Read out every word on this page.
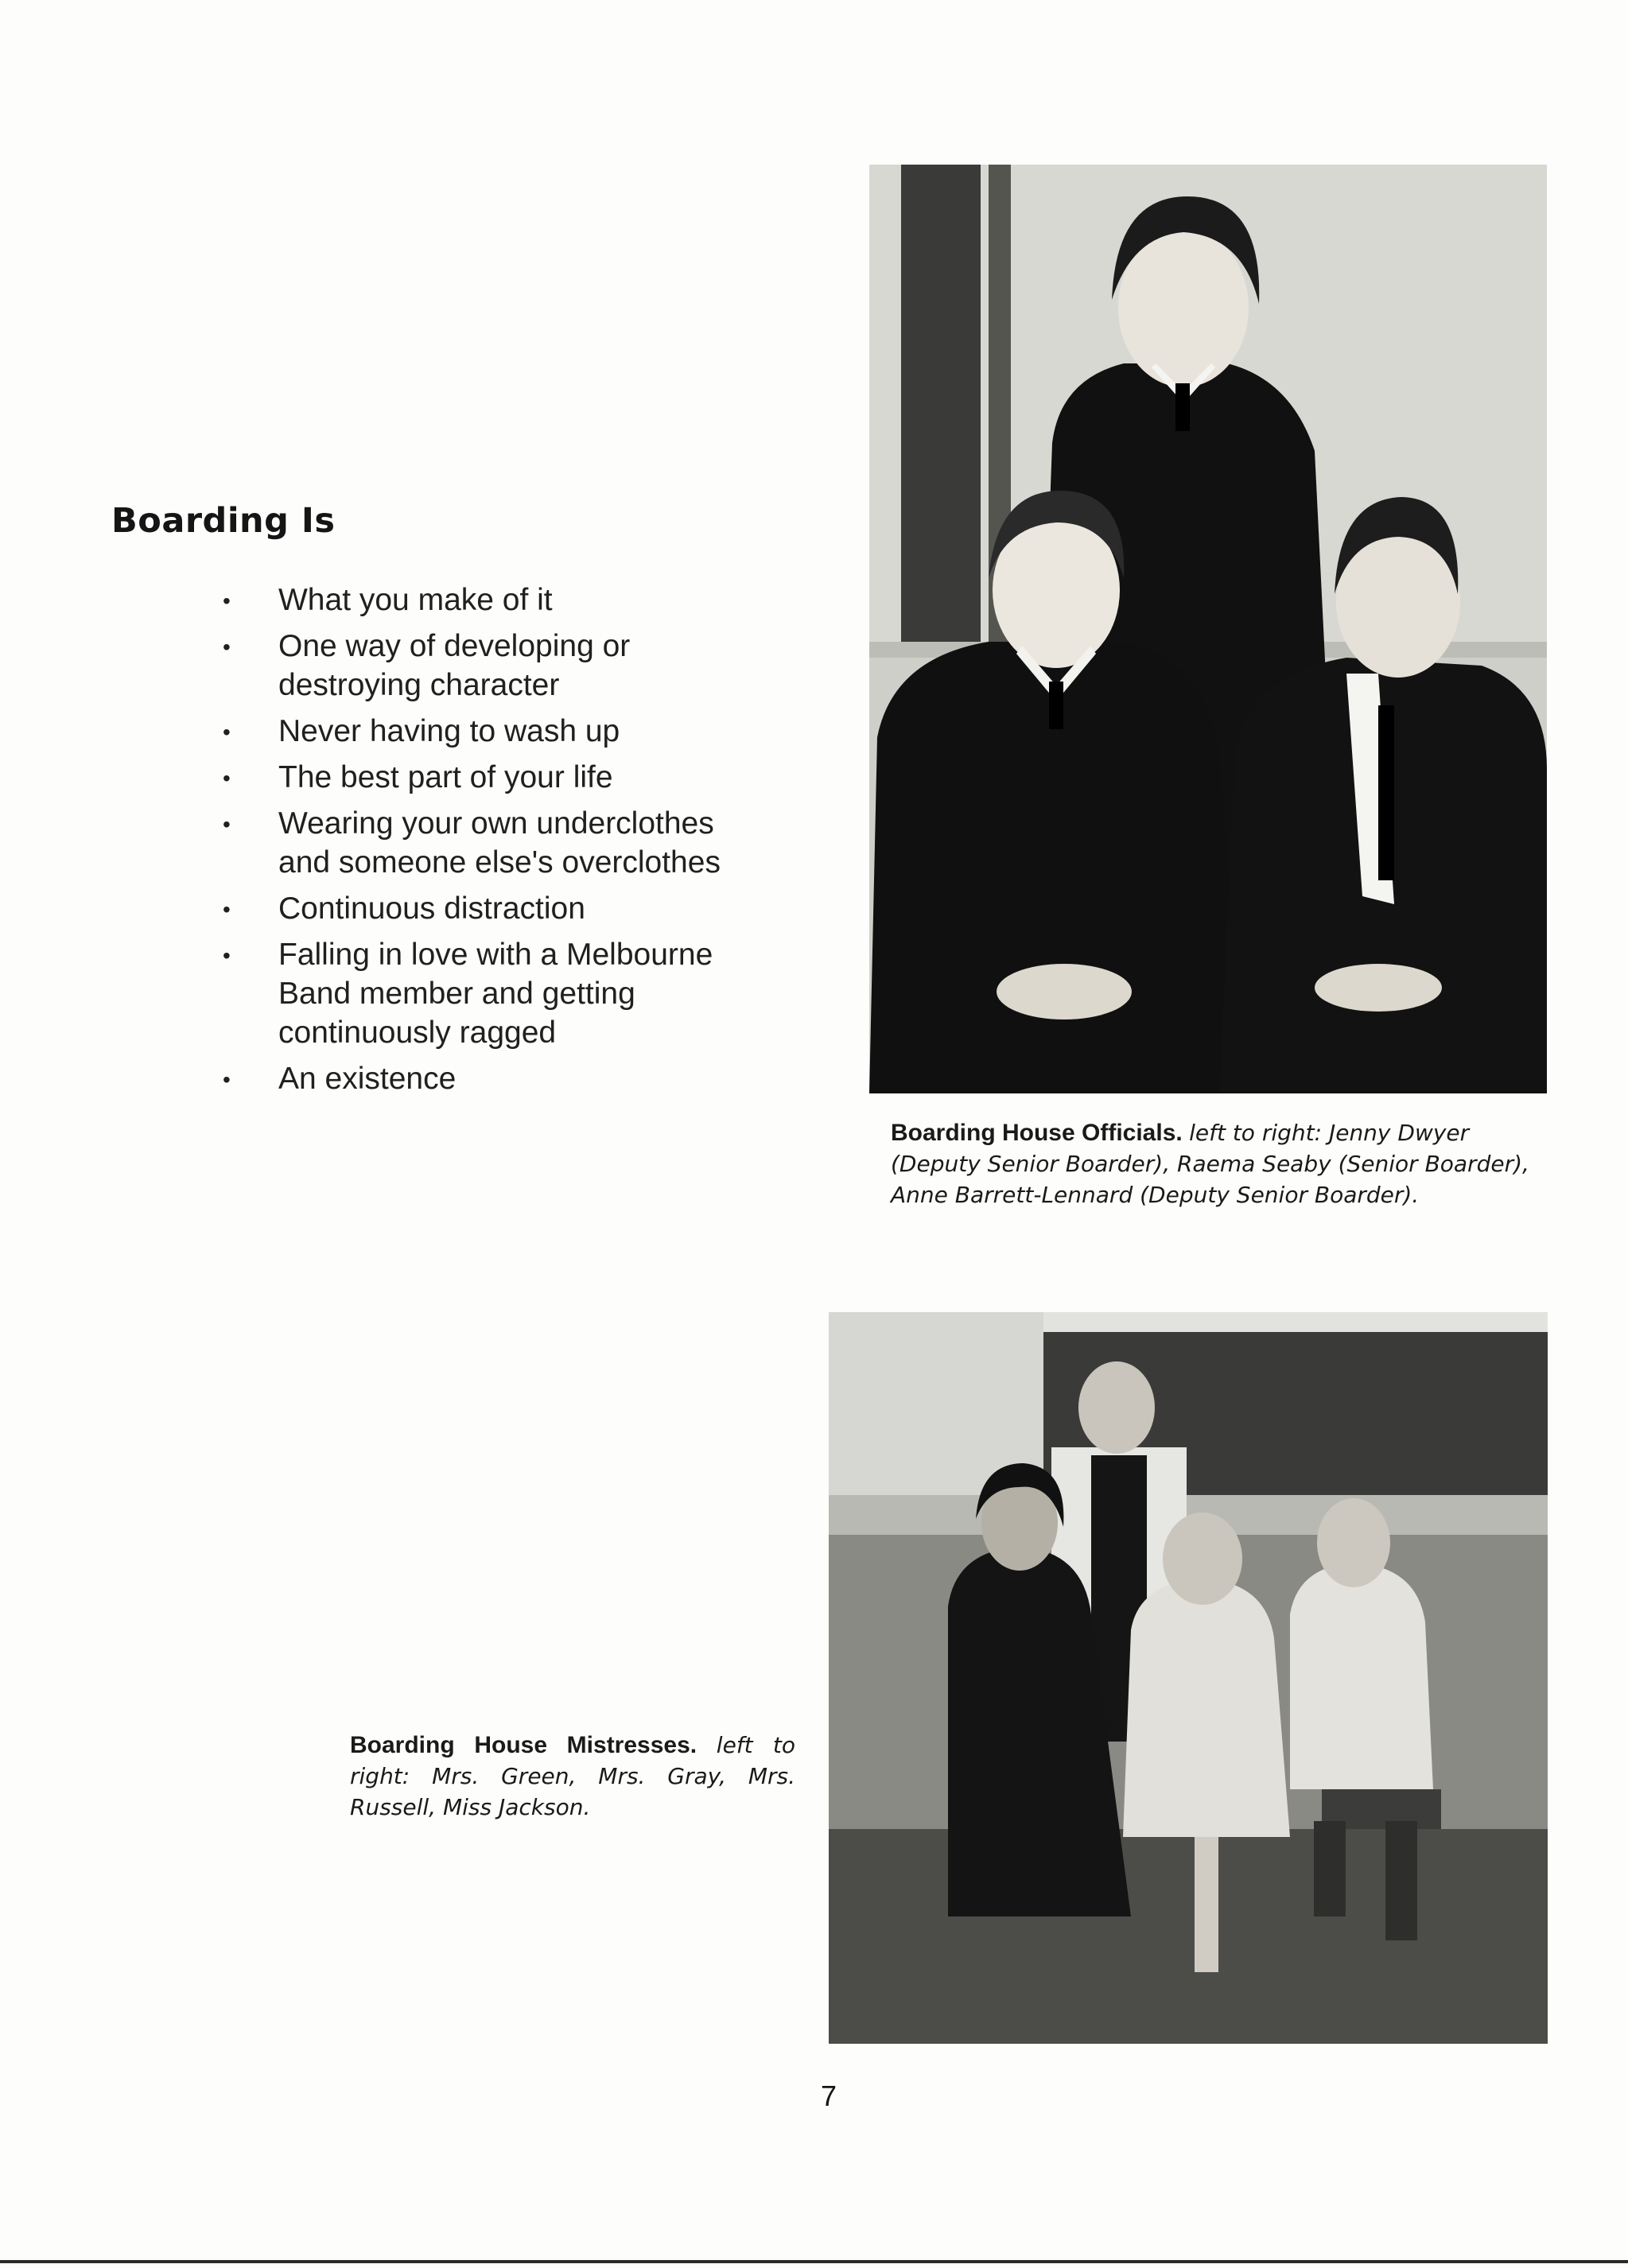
Boarding Is
• What you make of it
• One way of developing or destroying character
• Never having to wash up
• The best part of your life
• Wearing your own underclothes and someone else's overclothes
• Continuous distraction
• Falling in love with a Melbourne Band member and getting continuously ragged
• An existence
Boarding House Officials. left to right: Jenny Dwyer (Deputy Senior Boarder), Raema Seaby (Senior Boarder), Anne Barrett-Lennard (Deputy Senior Boarder).
Boarding House Mistresses. left to right: Mrs. Green, Mrs. Gray, Mrs. Russell, Miss Jackson.
7
